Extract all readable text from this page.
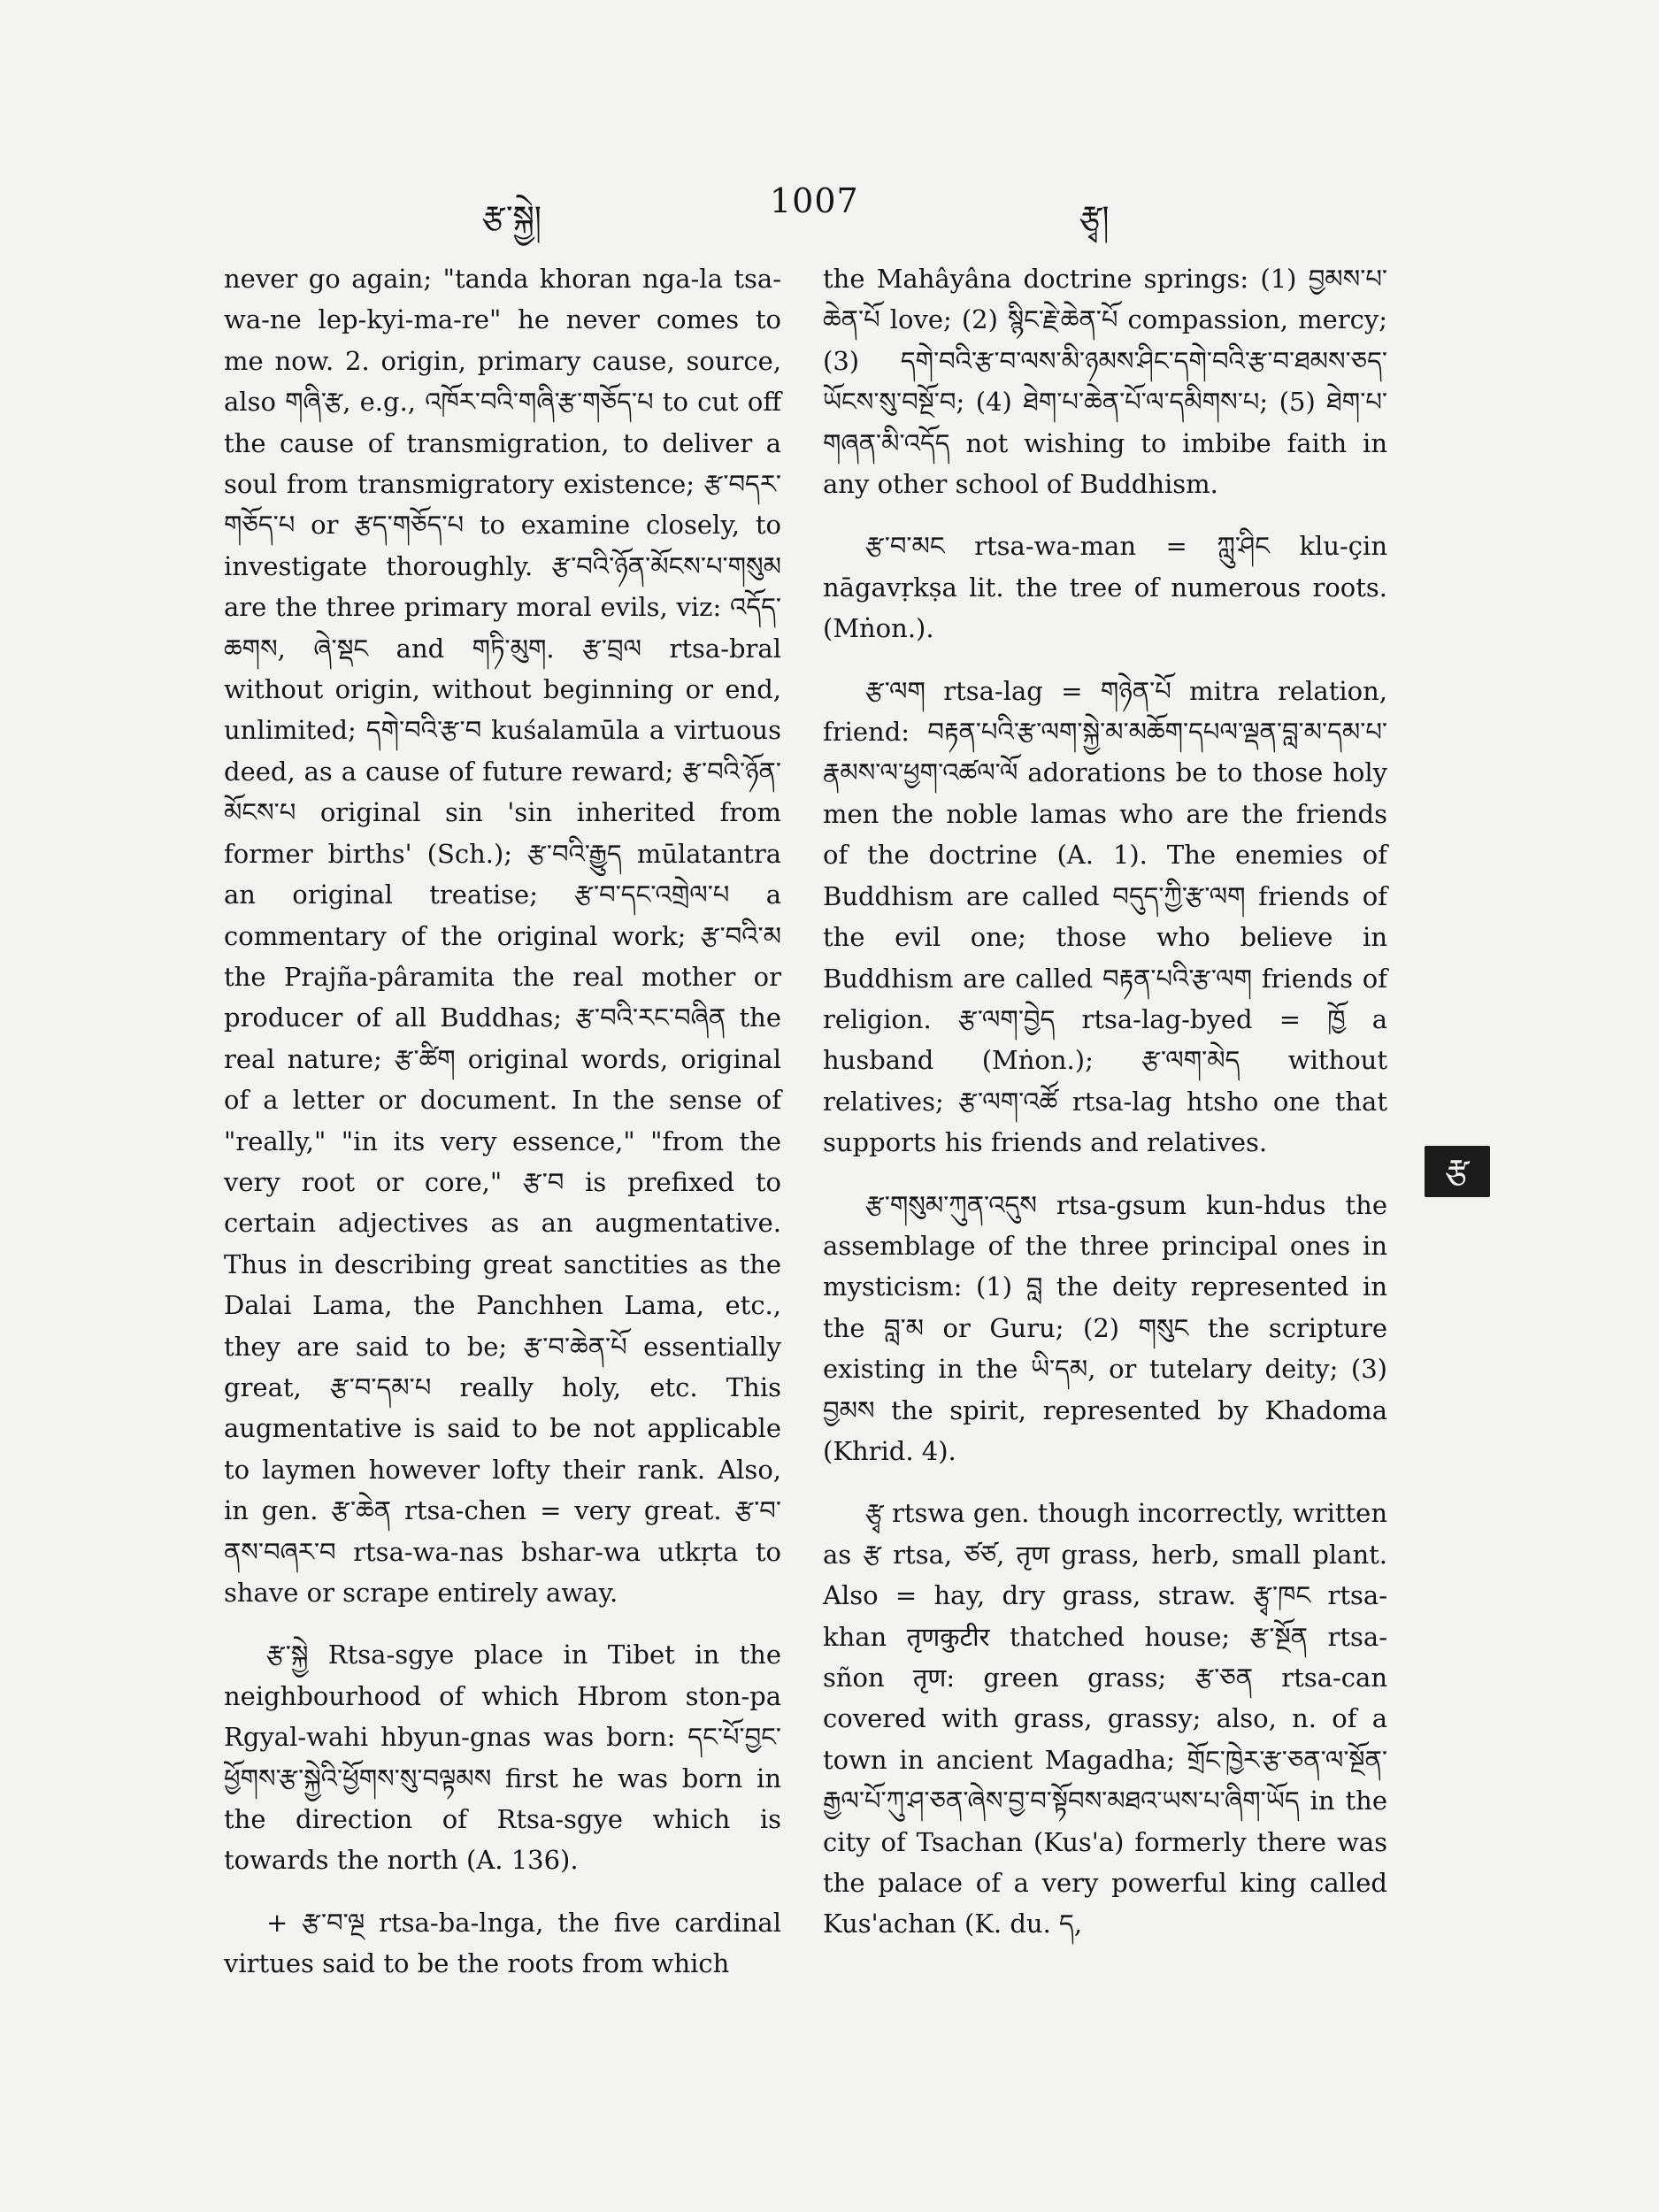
རྩ་སྐྱེ།	1007	རྩྭ།

never go again; "tanda khoran nga-la tsa-wa-ne lep-kyi-ma-re" he never comes to me now. 2. origin, primary cause, source, also གཞི་རྩ, e.g., འཁོར་བའི་གཞི་རྩ་གཅོད་པ to cut off the cause of transmigration, to deliver a soul from transmigratory existence; རྩ་བདར་གཅོད་པ or རྩད་གཅོད་པ to examine closely, to investigate thoroughly. རྩ་བའི་ཉོན་མོངས་པ་གསུམ are the three primary moral evils, viz: འདོད་ཆགས, ཞེ་སྡང and གཏི་མུག. རྩ་བྲལ rtsa-bral without origin, without beginning or end, unlimited; དགེ་བའི་རྩ་བ kuśalamūla a virtuous deed, as a cause of future reward; རྩ་བའི་ཉོན་མོངས་པ original sin 'sin inherited from former births' (Sch.); རྩ་བའི་རྒྱུད mūlatantra an original treatise; རྩ་བ་དང་འགྲེལ་པ a commentary of the original work; རྩ་བའི་མ the Prajña-pâramita the real mother or producer of all Buddhas; རྩ་བའི་རང་བཞིན the real nature; རྩ་ཚིག original words, original of a letter or document. In the sense of "really," "in its very essence," "from the very root or core," རྩ་བ is prefixed to certain adjectives as an augmentative. Thus in describing great sanctities as the Dalai Lama, the Panchhen Lama, etc., they are said to be; རྩ་བ་ཆེན་པོ essentially great, རྩ་བ་དམ་པ really holy, etc. This augmentative is said to be not applicable to laymen however lofty their rank. Also, in gen. རྩ་ཆེན rtsa-chen = very great. རྩ་བ་ནས་བཞར་བ rtsa-wa-nas bshar-wa utkṛta to shave or scrape entirely away.

རྩ་སྐྱེ Rtsa-sgye place in Tibet in the neighbourhood of which Hbrom ston-pa Rgyal-wahi hbyun-gnas was born: དང་པོ་བྱང་ཕྱོགས་རྩ་སྐྱེའི་ཕྱོགས་སུ་བལྟམས first he was born in the direction of Rtsa-sgye which is towards the north (A. 136).

+ རྩ་བ་ལྔ rtsa-ba-lnga, the five cardinal virtues said to be the roots from which

the Mahâyâna doctrine springs: (1) བྱམས་པ་ཆེན་པོ love; (2) སྙིང་རྗེ་ཆེན་པོ compassion, mercy; (3) དགེ་བའི་རྩ་བ་ལས་མི་ཉམས་ཤིང་དགེ་བའི་རྩ་བ་ཐམས་ཅད་ཡོངས་སུ་བསྔོ་བ; (4) ཐེག་པ་ཆེན་པོ་ལ་དམིགས་པ; (5) ཐེག་པ་གཞན་མི་འདོད not wishing to imbibe faith in any other school of Buddhism.

རྩ་བ་མང rtsa-wa-man = ཀླུ་ཤིང klu-çin nāgavṛkṣa lit. the tree of numerous roots. (Mṅon.).

རྩ་ལག rtsa-lag = གཉེན་པོ mitra relation, friend: བརྟན་པའི་རྩ་ལག་སྐྱེ་མ་མཆོག་དཔལ་ལྡན་བླ་མ་དམ་པ་རྣམས་ལ་ཕྱག་འཚལ་ལོ adorations be to those holy men the noble lamas who are the friends of the doctrine (A. 1). The enemies of Buddhism are called བདུད་ཀྱི་རྩ་ལག friends of the evil one; those who believe in Buddhism are called བརྟན་པའི་རྩ་ལག friends of religion. རྩ་ལག་བྱེད rtsa-lag-byed = ཁྱོ a husband (Mṅon.); རྩ་ལག་མེད without relatives; རྩ་ལག་འཚོ rtsa-lag htsho one that supports his friends and relatives.

རྩ་གསུམ་ཀུན་འདུས rtsa-gsum kun-hdus the assemblage of the three principal ones in mysticism: (1) བླ the deity represented in the བླ་མ or Guru; (2) གསུང the scripture existing in the ཡི་དམ, or tutelary deity; (3) བྱམས the spirit, represented by Khadoma (Khrid. 4).

རྩྭ rtswa gen. though incorrectly, written as རྩ rtsa, ཙཙ, तृण grass, herb, small plant. Also = hay, dry grass, straw. རྩྭ་ཁང rtsa-khan तृणकुटीर thatched house; རྩ་སྔོན rtsa-sñon तृण: green grass; རྩ་ཅན rtsa-can covered with grass, grassy; also, n. of a town in ancient Magadha; གྲོང་ཁྱེར་རྩ་ཅན་ལ་སྔོན་རྒྱལ་པོ་ཀུ་ཤ་ཅན་ཞེས་བྱ་བ་སྟོབས་མཐའ་ཡས་པ་ཞིག་ཡོད in the city of Tsachan (Kus'a) formerly there was the palace of a very powerful king called Kus'achan (K. du. ད,

རྩ
